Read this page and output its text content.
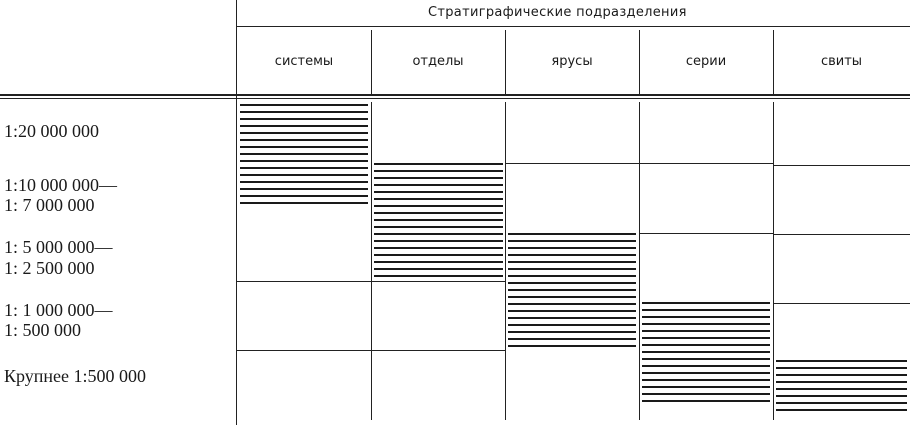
Стратиграфические подразделения
системы	отделы	ярусы	серии	свиты
1:20 000 000
1:10 000 000—
1: 7 000 000
1: 5 000 000—
1: 2 500 000
1: 1 000 000—
1: 500 000
Крупнее 1:500 000
